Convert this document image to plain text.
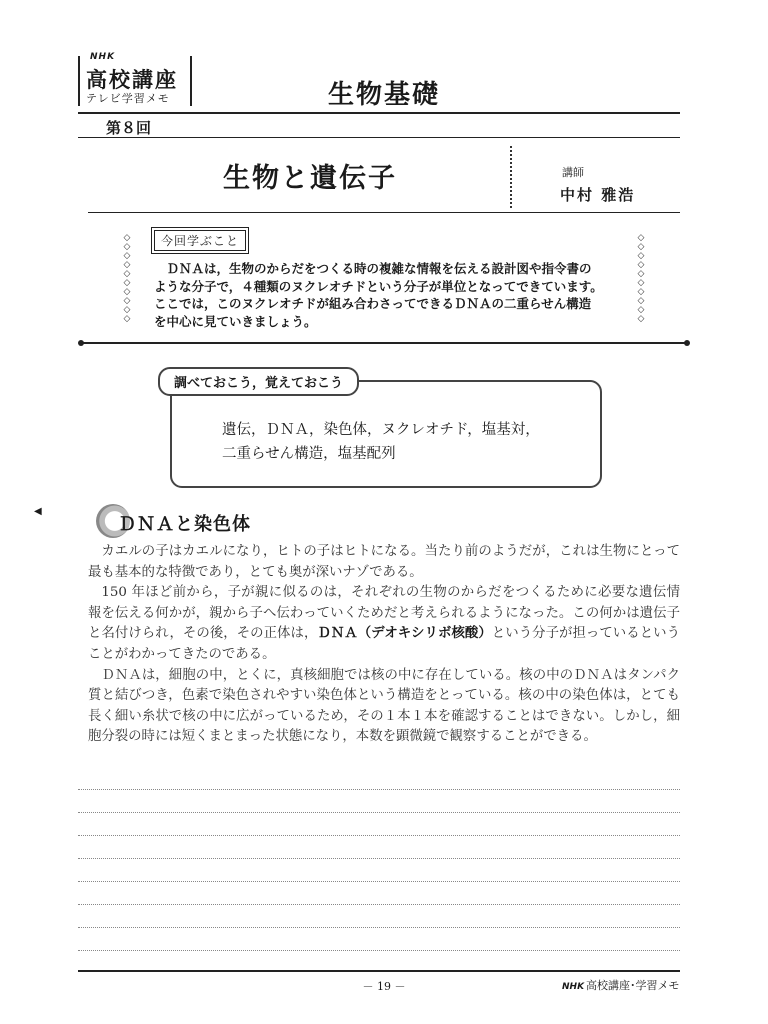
NHK
高校講座
テレビ学習メモ	生物基礎
第８回
生物と遺伝子	講師
中村 雅浩
◇
◇
◇
◇
◇
◇
◇
◇
◇
◇
◇
◇
◇
◇
◇
◇
◇
◇
◇
◇
今回学ぶこと
　ＤＮＡは，生物のからだをつくる時の複雑な情報を伝える設計図や指令書の
ような分子で，４種類のヌクレオチドという分子が単位となってできています。
ここでは，このヌクレオチドが組み合わさってできるＤＮＡの二重らせん構造
を中心に見ていきましょう。
調べておこう，覚えておこう
遺伝，ＤＮＡ，染色体，ヌクレオチド，塩基対，
二重らせん構造，塩基配列
◀
ＤＮＡと染色体

カエルの子はカエルになり，ヒトの子はヒトになる。当たり前のようだが，これは生物にとって最も基本的な特徴であり，とても奥が深いナゾである。

150 年ほど前から，子が親に似るのは，それぞれの生物のからだをつくるために必要な遺伝情報を伝える何かが，親から子へ伝わっていくためだと考えられるようになった。この何かは遺伝子と名付けられ，その後，その正体は，ＤＮＡ（デオキシリボ核酸）という分子が担っているということがわかってきたのである。

ＤＮＡは，細胞の中，とくに，真核細胞では核の中に存在している。核の中のＤＮＡはタンパク質と結びつき，色素で染色されやすい染色体という構造をとっている。核の中の染色体は，とても長く細い糸状で核の中に広がっているため，その１本１本を確認することはできない。しかし，細胞分裂の時には短くまとまった状態になり，本数を顕微鏡で観察することができる。

－ 19 －	NHK 高校講座･学習メモ
